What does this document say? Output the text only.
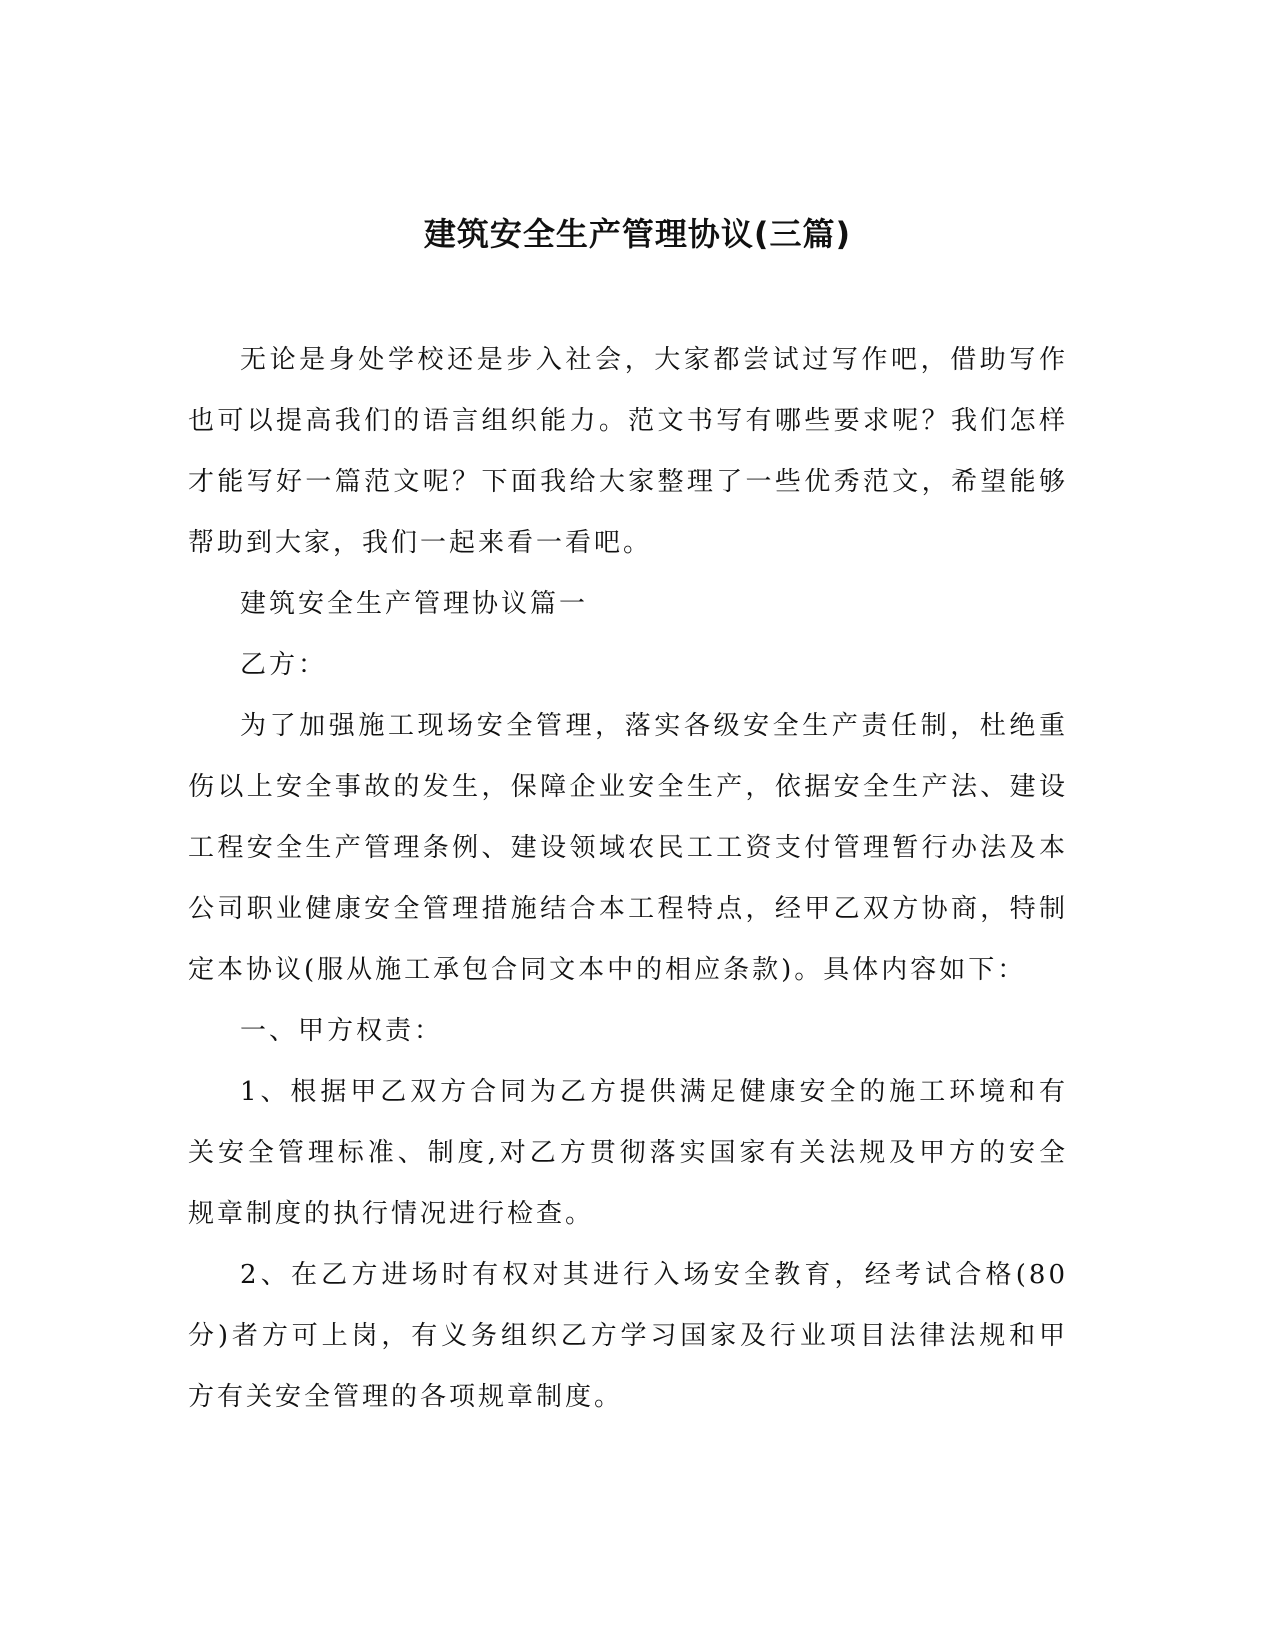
建筑安全生产管理协议(三篇)

无论是身处学校还是步入社会，大家都尝试过写作吧，借助写作也可以提高我们的语言组织能力。范文书写有哪些要求呢？我们怎样才能写好一篇范文呢？下面我给大家整理了一些优秀范文，希望能够帮助到大家，我们一起来看一看吧。

建筑安全生产管理协议篇一

乙方：

为了加强施工现场安全管理，落实各级安全生产责任制，杜绝重伤以上安全事故的发生，保障企业安全生产，依据安全生产法、建设工程安全生产管理条例、建设领域农民工工资支付管理暂行办法及本公司职业健康安全管理措施结合本工程特点，经甲乙双方协商，特制定本协议(服从施工承包合同文本中的相应条款)。具体内容如下：

一、甲方权责：

1、根据甲乙双方合同为乙方提供满足健康安全的施工环境和有关安全管理标准、制度,对乙方贯彻落实国家有关法规及甲方的安全规章制度的执行情况进行检查。

2、在乙方进场时有权对其进行入场安全教育，经考试合格(80分)者方可上岗，有义务组织乙方学习国家及行业项目法律法规和甲方有关安全管理的各项规章制度。
